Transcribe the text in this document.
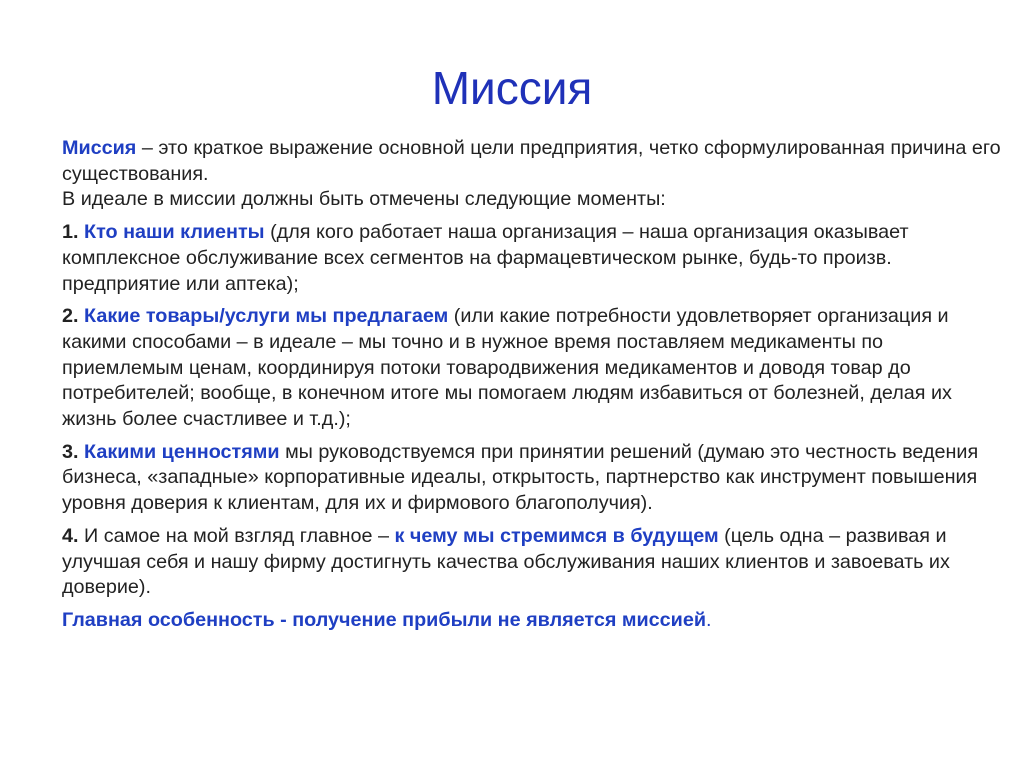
Миссия

Миссия – это краткое выражение основной цели предприятия, четко сформулированная причина его существования.
В идеале в миссии должны быть отмечены следующие моменты:

1. Кто наши клиенты (для кого работает наша организация – наша организация оказывает комплексное обслуживание всех сегментов на фармацевтическом рынке, будь-то произв. предприятие или аптека);

2. Какие товары/услуги мы предлагаем (или какие потребности удовлетворяет организация и какими способами – в идеале – мы точно и в нужное время поставляем медикаменты по приемлемым ценам, координируя потоки товародвижения медикаментов и доводя товар до потребителей; вообще, в конечном итоге мы помогаем людям избавиться от болезней, делая их жизнь более счастливее и т.д.);

3. Какими ценностями мы руководствуемся при принятии решений (думаю это честность ведения бизнеса, «западные» корпоративные идеалы, открытость, партнерство как инструмент повышения уровня доверия к клиентам, для их и фирмового благополучия).

4. И самое на мой взгляд главное – к чему мы стремимся в будущем (цель одна – развивая и улучшая себя и нашу фирму достигнуть качества обслуживания наших клиентов и завоевать их доверие).

Главная особенность - получение прибыли не является миссией.
